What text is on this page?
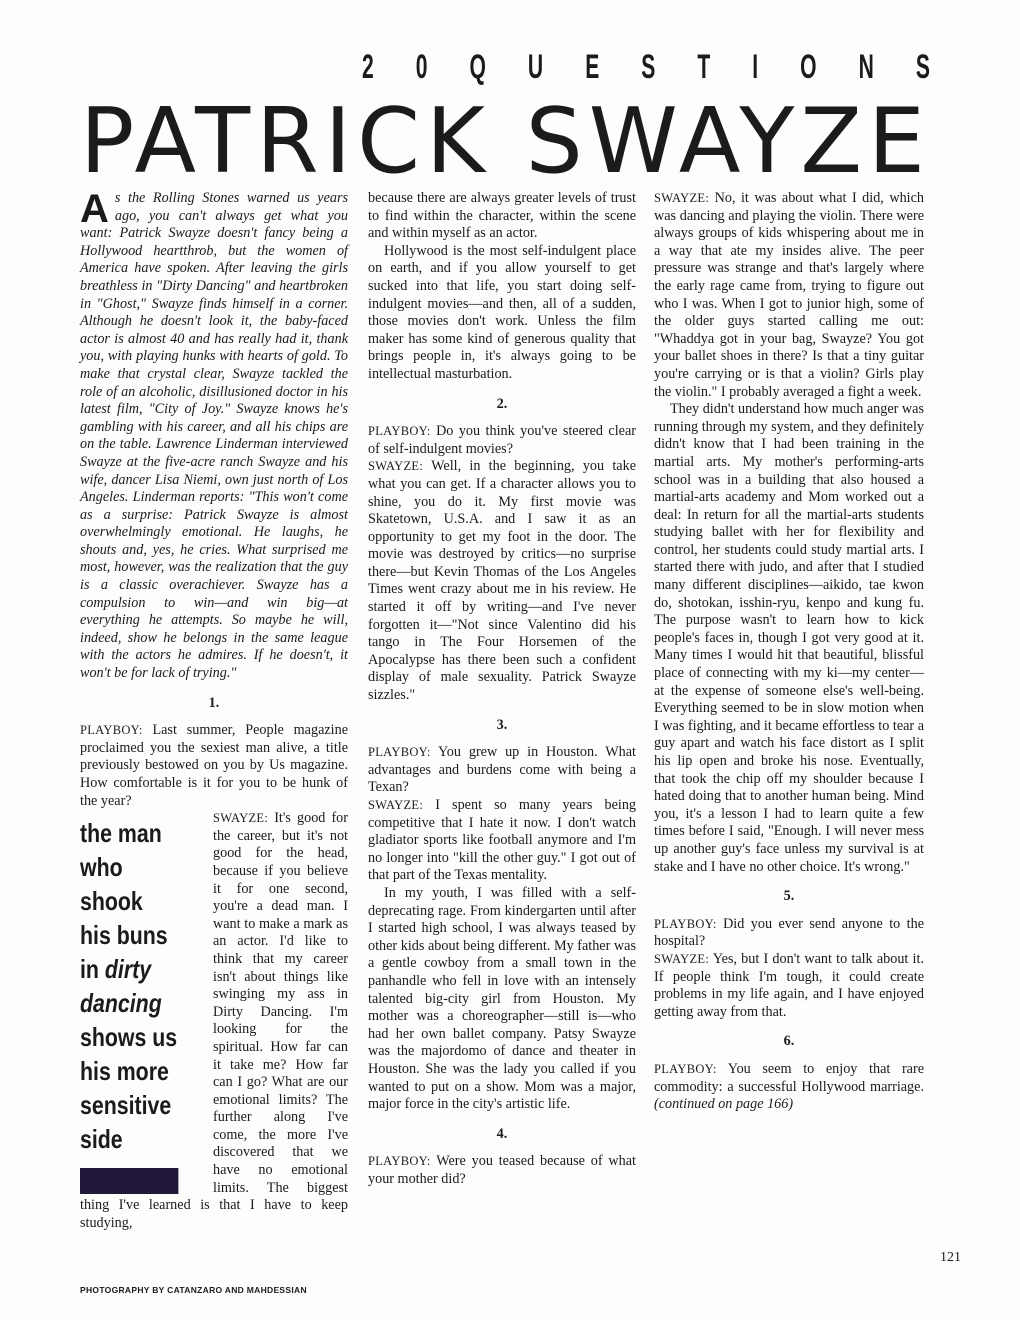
2 0 Q U E S T I O N S
PATRICK SWAYZE

As the Rolling Stones warned us years ago, you can't always get what you want: Patrick Swayze doesn't fancy being a Hollywood heartthrob, but the women of America have spoken. After leaving the girls breathless in "Dirty Dancing" and heartbroken in "Ghost," Swayze finds himself in a corner. Although he doesn't look it, the baby-faced actor is almost 40 and has really had it, thank you, with playing hunks with hearts of gold. To make that crystal clear, Swayze tackled the role of an alcoholic, disillusioned doctor in his latest film, "City of Joy." Swayze knows he's gambling with his career, and all his chips are on the table. Lawrence Linderman interviewed Swayze at the five-acre ranch Swayze and his wife, dancer Lisa Niemi, own just north of Los Angeles. Linderman reports: "This won't come as a surprise: Patrick Swayze is almost overwhelmingly emotional. He laughs, he shouts and, yes, he cries. What surprised me most, however, was the realization that the guy is a classic overachiever. Swayze has a compulsion to win—and win big—at everything he attempts. So maybe he will, indeed, show he belongs in the same league with the actors he admires. If he doesn't, it won't be for lack of trying."

1.

PLAYBOY: Last summer, People magazine proclaimed you the sexiest man alive, a title previously bestowed on you by Us magazine. How comfortable is it for you to be hunk of the year?

the man
who shook
his buns
in dirty
dancing
shows us
his more
sensitive
side
SWAYZE: It's good for the career, but it's not good for the head, because if you believe it for one second, you're a dead man. I want to make a mark as an actor. I'd like to think that my career isn't about things like swinging my ass in Dirty Dancing. I'm looking for the spiritual. How far can it take me? How far can I go? What are our emotional limits? The further along I've come, the more I've discovered that we have no emotional limits. The biggest thing I've learned is that I have to keep studying,

because there are always greater levels of trust to find within the character, within the scene and within myself as an actor.

Hollywood is the most self-indulgent place on earth, and if you allow yourself to get sucked into that life, you start doing self-indulgent movies—and then, all of a sudden, those movies don't work. Unless the film maker has some kind of generous quality that brings people in, it's always going to be intellectual masturbation.

2.

PLAYBOY: Do you think you've steered clear of self-indulgent movies?

SWAYZE: Well, in the beginning, you take what you can get. If a character allows you to shine, you do it. My first movie was Skatetown, U.S.A. and I saw it as an opportunity to get my foot in the door. The movie was destroyed by critics—no surprise there—but Kevin Thomas of the Los Angeles Times went crazy about me in his review. He started it off by writing—and I've never forgotten it—"Not since Valentino did his tango in The Four Horsemen of the Apocalypse has there been such a confident display of male sexuality. Patrick Swayze sizzles."

3.

PLAYBOY: You grew up in Houston. What advantages and burdens come with being a Texan?

SWAYZE: I spent so many years being competitive that I hate it now. I don't watch gladiator sports like football anymore and I'm no longer into "kill the other guy." I got out of that part of the Texas mentality.

In my youth, I was filled with a self-deprecating rage. From kindergarten until after I started high school, I was always teased by other kids about being different. My father was a gentle cowboy from a small town in the panhandle who fell in love with an intensely talented big-city girl from Houston. My mother was a choreographer—still is—who had her own ballet company. Patsy Swayze was the majordomo of dance and theater in Houston. She was the lady you called if you wanted to put on a show. Mom was a major, major force in the city's artistic life.

4.

PLAYBOY: Were you teased because of what your mother did?

SWAYZE: No, it was about what I did, which was dancing and playing the violin. There were always groups of kids whispering about me in a way that ate my insides alive. The peer pressure was strange and that's largely where the early rage came from, trying to figure out who I was. When I got to junior high, some of the older guys started calling me out: "Whaddya got in your bag, Swayze? You got your ballet shoes in there? Is that a tiny guitar you're carrying or is that a violin? Girls play the violin." I probably averaged a fight a week.

They didn't understand how much anger was running through my system, and they definitely didn't know that I had been training in the martial arts. My mother's performing-arts school was in a building that also housed a martial-arts academy and Mom worked out a deal: In return for all the martial-arts students studying ballet with her for flexibility and control, her students could study martial arts. I started there with judo, and after that I studied many different disciplines—aikido, tae kwon do, shotokan, isshin-ryu, kenpo and kung fu. The purpose wasn't to learn how to kick people's faces in, though I got very good at it. Many times I would hit that beautiful, blissful place of connecting with my ki—my center—at the expense of someone else's well-being. Everything seemed to be in slow motion when I was fighting, and it became effortless to tear a guy apart and watch his face distort as I split his lip open and broke his nose. Eventually, that took the chip off my shoulder because I hated doing that to another human being. Mind you, it's a lesson I had to learn quite a few times before I said, "Enough. I will never mess up another guy's face unless my survival is at stake and I have no other choice. It's wrong."

5.

PLAYBOY: Did you ever send anyone to the hospital?

SWAYZE: Yes, but I don't want to talk about it. If people think I'm tough, it could create problems in my life again, and I have enjoyed getting away from that.

6.

PLAYBOY: You seem to enjoy that rare commodity: a successful Hollywood marriage. (continued on page 166)

121
PHOTOGRAPHY BY CATANZARO AND MAHDESSIAN
